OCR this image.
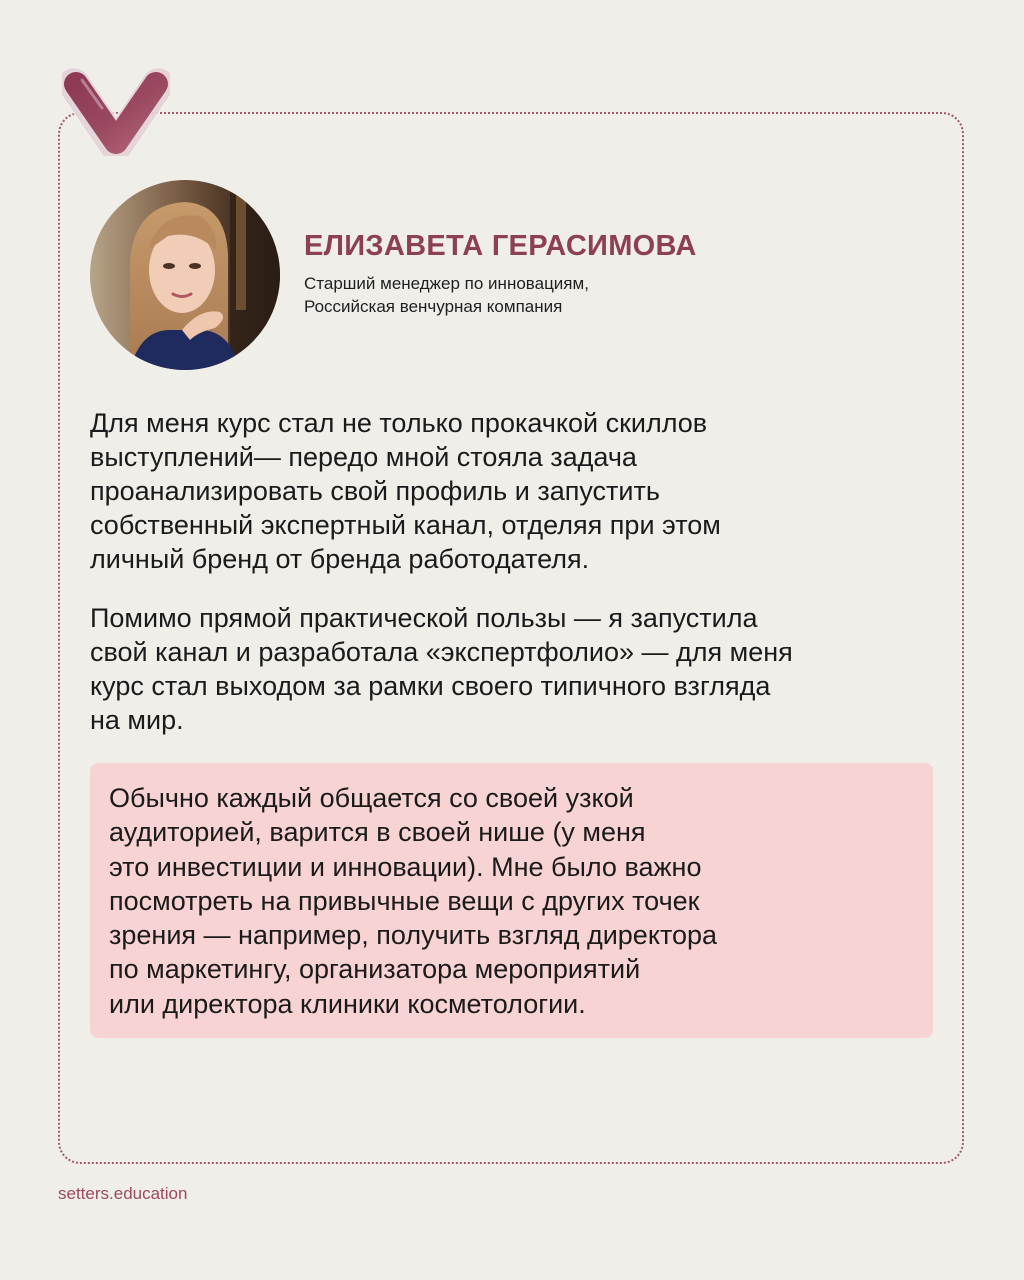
ЕЛИЗАВЕТА ГЕРАСИМОВА
Старший менеджер по инновациям,
Российская венчурная компания
Для меня курс стал не только прокачкой скиллов
выступлений— передо мной стояла задача
проанализировать свой профиль и запустить
собственный экспертный канал, отделяя при этом
личный бренд от бренда работодателя.
Помимо прямой практической пользы — я запустила
свой канал и разработала «экспертфолио» — для меня
курс стал выходом за рамки своего типичного взгляда
на мир.
Обычно каждый общается со своей узкой
аудиторией, варится в своей нише (у меня
это инвестиции и инновации). Мне было важно
посмотреть на привычные вещи с других точек
зрения — например, получить взгляд директора
по маркетингу, организатора мероприятий
или директора клиники косметологии.
setters.education
